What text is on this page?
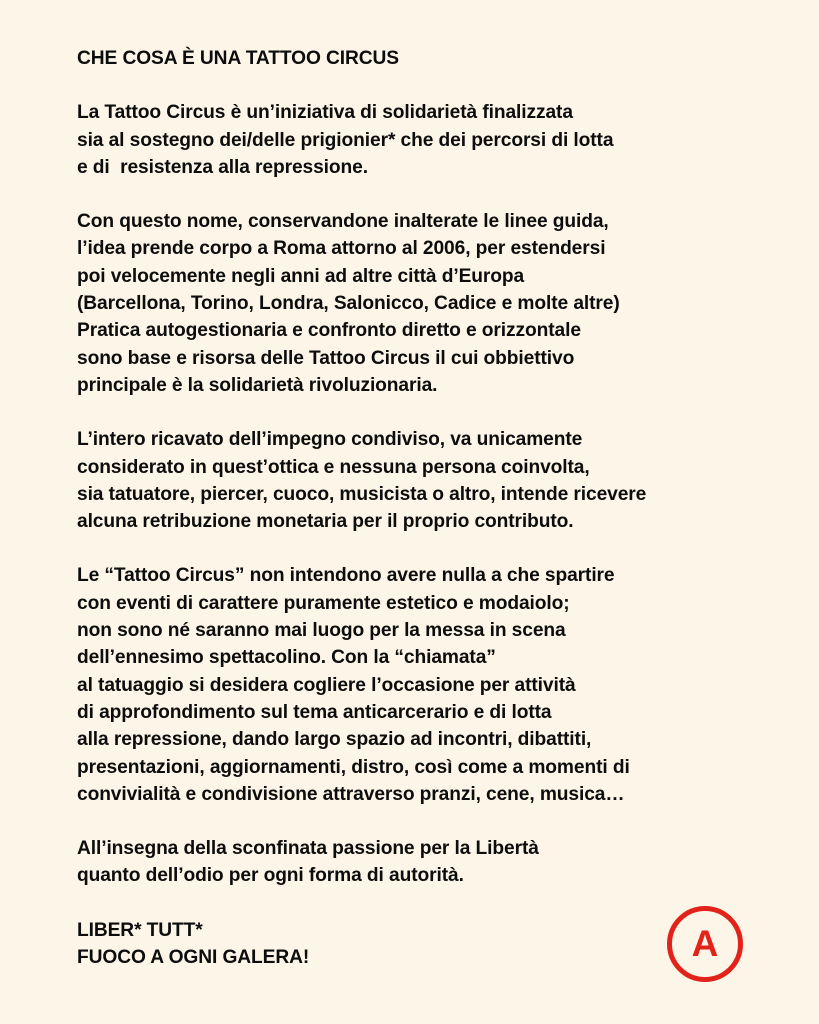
CHE COSA È UNA TATTOO CIRCUS
La Tattoo Circus è un’iniziativa di solidarietà finalizzata
sia al sostegno dei/delle prigionier* che dei percorsi di lotta
e di  resistenza alla repressione.
Con questo nome, conservandone inalterate le linee guida,
l’idea prende corpo a Roma attorno al 2006, per estendersi
poi velocemente negli anni ad altre città d’Europa
(Barcellona, Torino, Londra, Salonicco, Cadice e molte altre)
Pratica autogestionaria e confronto diretto e orizzontale
sono base e risorsa delle Tattoo Circus il cui obbiettivo
principale è la solidarietà rivoluzionaria.
L’intero ricavato dell’impegno condiviso, va unicamente
considerato in quest’ottica e nessuna persona coinvolta,
sia tatuatore, piercer, cuoco, musicista o altro, intende ricevere
alcuna retribuzione monetaria per il proprio contributo.
Le “Tattoo Circus” non intendono avere nulla a che spartire
con eventi di carattere puramente estetico e modaiolo;
non sono né saranno mai luogo per la messa in scena
dell’ennesimo spettacolino. Con la “chiamata”
al tatuaggio si desidera cogliere l’occasione per attività
di approfondimento sul tema anticarcerario e di lotta
alla repressione, dando largo spazio ad incontri, dibattiti,
presentazioni, aggiornamenti, distro, così come a momenti di
convivialità e condivisione attraverso pranzi, cene, musica…
All’insegna della sconfinata passione per la Libertà
quanto dell’odio per ogni forma di autorità.
LIBER* TUTT*
FUOCO A OGNI GALERA!	A
